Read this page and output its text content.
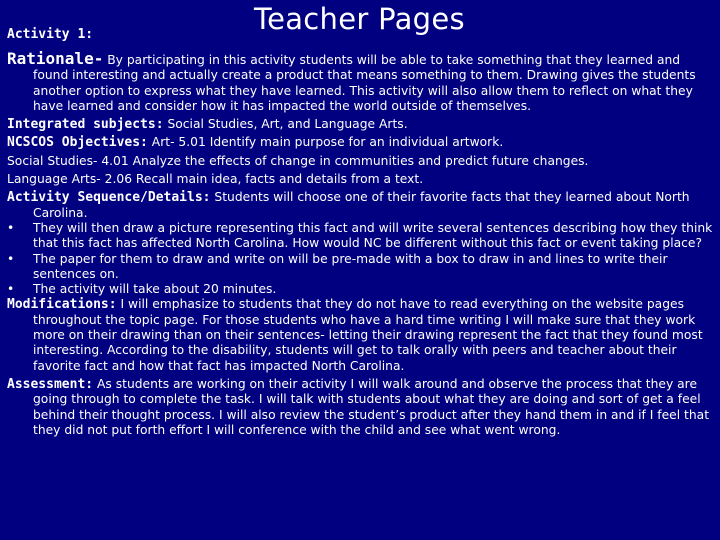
Activity 1:	Teacher Pages

Rationale- By participating in this activity students will be able to take something that they learned and found interesting and actually create a product that means something to them. Drawing gives the students another option to express what they have learned. This activity will also allow them to reflect on what they have learned and consider how it has impacted the world outside of themselves.

Integrated subjects: Social Studies, Art, and Language Arts.

NCSCOS Objectives: Art- 5.01 Identify main purpose for an individual artwork.

Social Studies- 4.01 Analyze the effects of change in communities and predict future changes.

Language Arts- 2.06 Recall main idea, facts and details from a text.

Activity Sequence/Details: Students will choose one of their favorite facts that they learned about North Carolina.

• They will then draw a picture representing this fact and will write several sentences describing how they think that this fact has affected North Carolina. How would NC be different without this fact or event taking place?

• The paper for them to draw and write on will be pre-made with a box to draw in and lines to write their sentences on.

• The activity will take about 20 minutes.

Modifications: I will emphasize to students that they do not have to read everything on the website pages throughout the topic page. For those students who have a hard time writing I will make sure that they work more on their drawing than on their sentences- letting their drawing represent the fact that they found most interesting. According to the disability, students will get to talk orally with peers and teacher about their favorite fact and how that fact has impacted North Carolina.

Assessment: As students are working on their activity I will walk around and observe the process that they are going through to complete the task. I will talk with students about what they are doing and sort of get a feel behind their thought process. I will also review the student’s product after they hand them in and if I feel that they did not put forth effort I will conference with the child and see what went wrong.
